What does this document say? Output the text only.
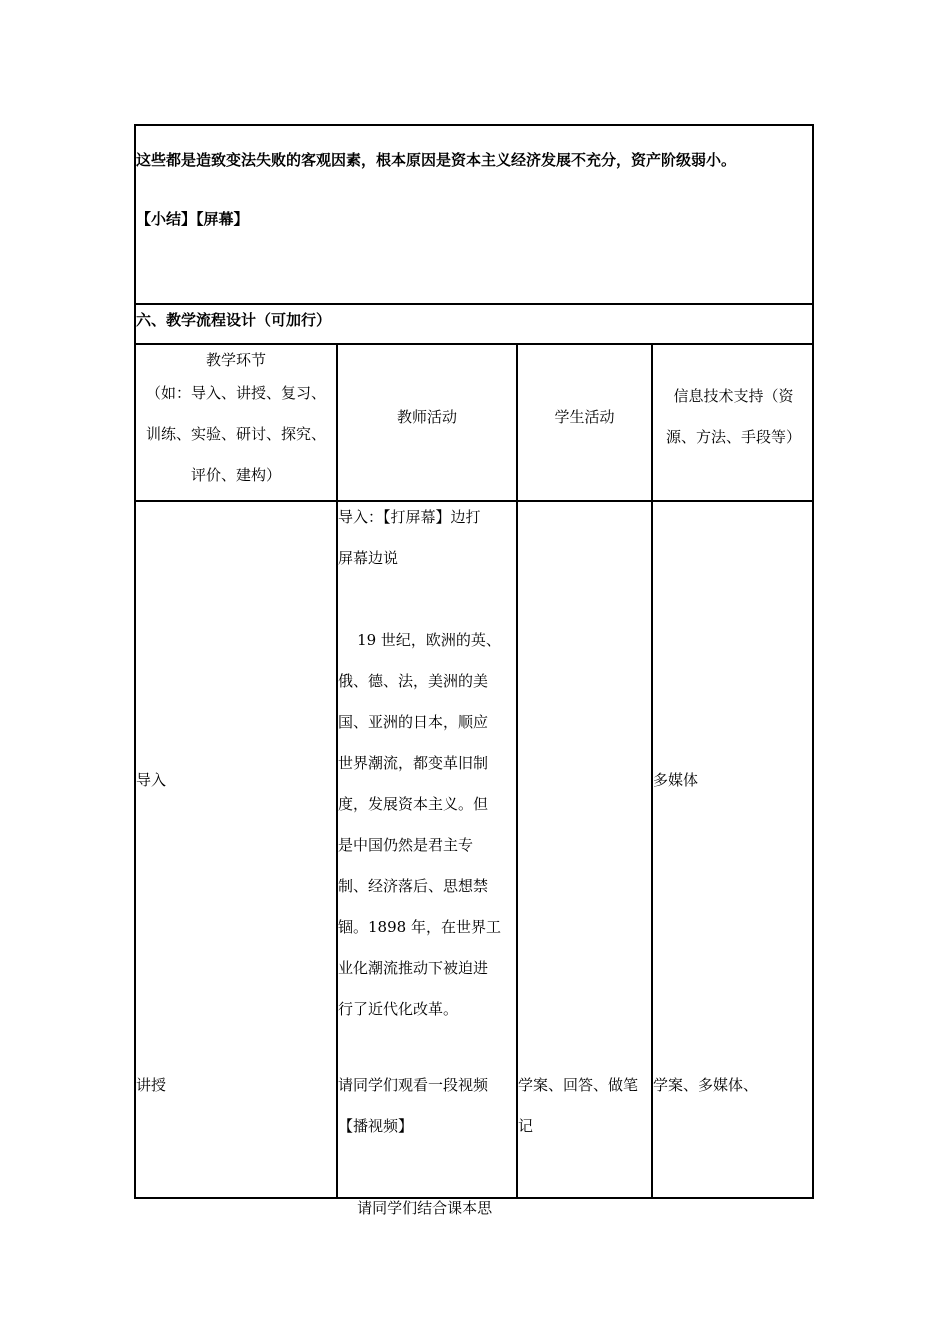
这些都是造致变法失败的客观因素，根本原因是资本主义经济发展不充分，资产阶级弱小。
【小结】【屏幕】
六、教学流程设计（可加行）
教学环节
（如：导入、讲授、复习、
训练、实验、研讨、探究、
评价、建构）
教师活动	学生活动
信息技术支持（资
源、方法、手段等）
导入
导入：【打屏幕】边打
屏幕边说

19 世纪，欧洲的英、
俄、德、法，美洲的美
国、亚洲的日本，顺应
世界潮流，都变革旧制
度，发展资本主义。但
是中国仍然是君主专
制、经济落后、思想禁
锢。1898 年，在世界工
业化潮流推动下被迫进
行了近代化改革。
多媒体
讲授	请同学们观看一段视频
【播视频】

请同学们结合课本思
学案、回答、做笔
记
学案、多媒体、
